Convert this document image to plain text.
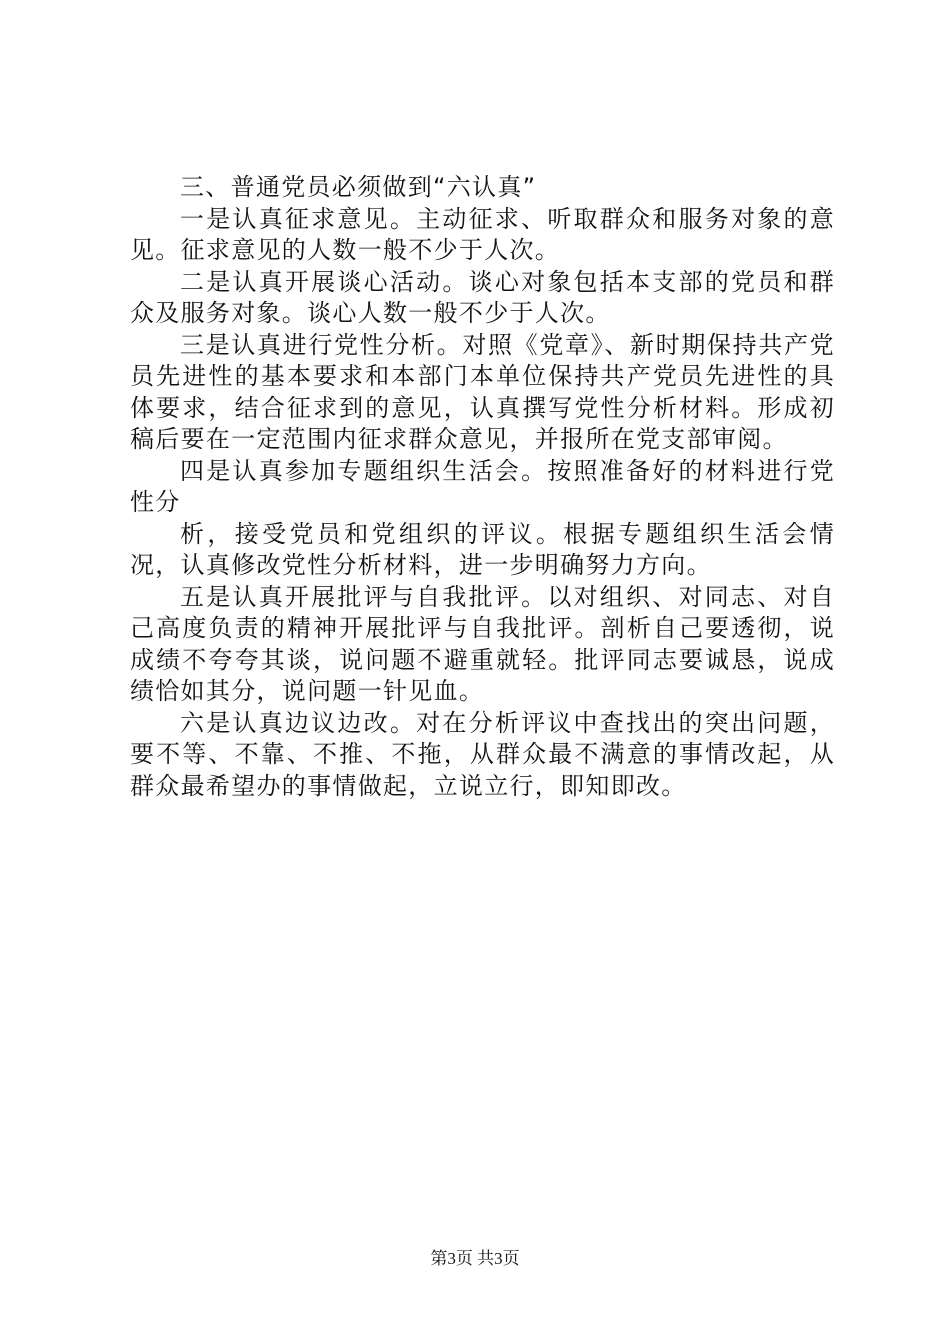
三、普通党员必须做到“六认真”

一是认真征求意见。主动征求、听取群众和服务对象的意见。征求意见的人数一般不少于人次。

二是认真开展谈心活动。谈心对象包括本支部的党员和群众及服务对象。谈心人数一般不少于人次。

三是认真进行党性分析。对照《党章》、新时期保持共产党员先进性的基本要求和本部门本单位保持共产党员先进性的具体要求，结合征求到的意见，认真撰写党性分析材料。形成初稿后要在一定范围内征求群众意见，并报所在党支部审阅。

四是认真参加专题组织生活会。按照准备好的材料进行党性分

析，接受党员和党组织的评议。根据专题组织生活会情况，认真修改党性分析材料，进一步明确努力方向。

五是认真开展批评与自我批评。以对组织、对同志、对自己高度负责的精神开展批评与自我批评。剖析自己要透彻，说成绩不夸夸其谈，说问题不避重就轻。批评同志要诚恳，说成绩恰如其分，说问题一针见血。

六是认真边议边改。对在分析评议中查找出的突出问题，要不等、不靠、不推、不拖，从群众最不满意的事情改起，从群众最希望办的事情做起，立说立行，即知即改。

第3页 共3页
